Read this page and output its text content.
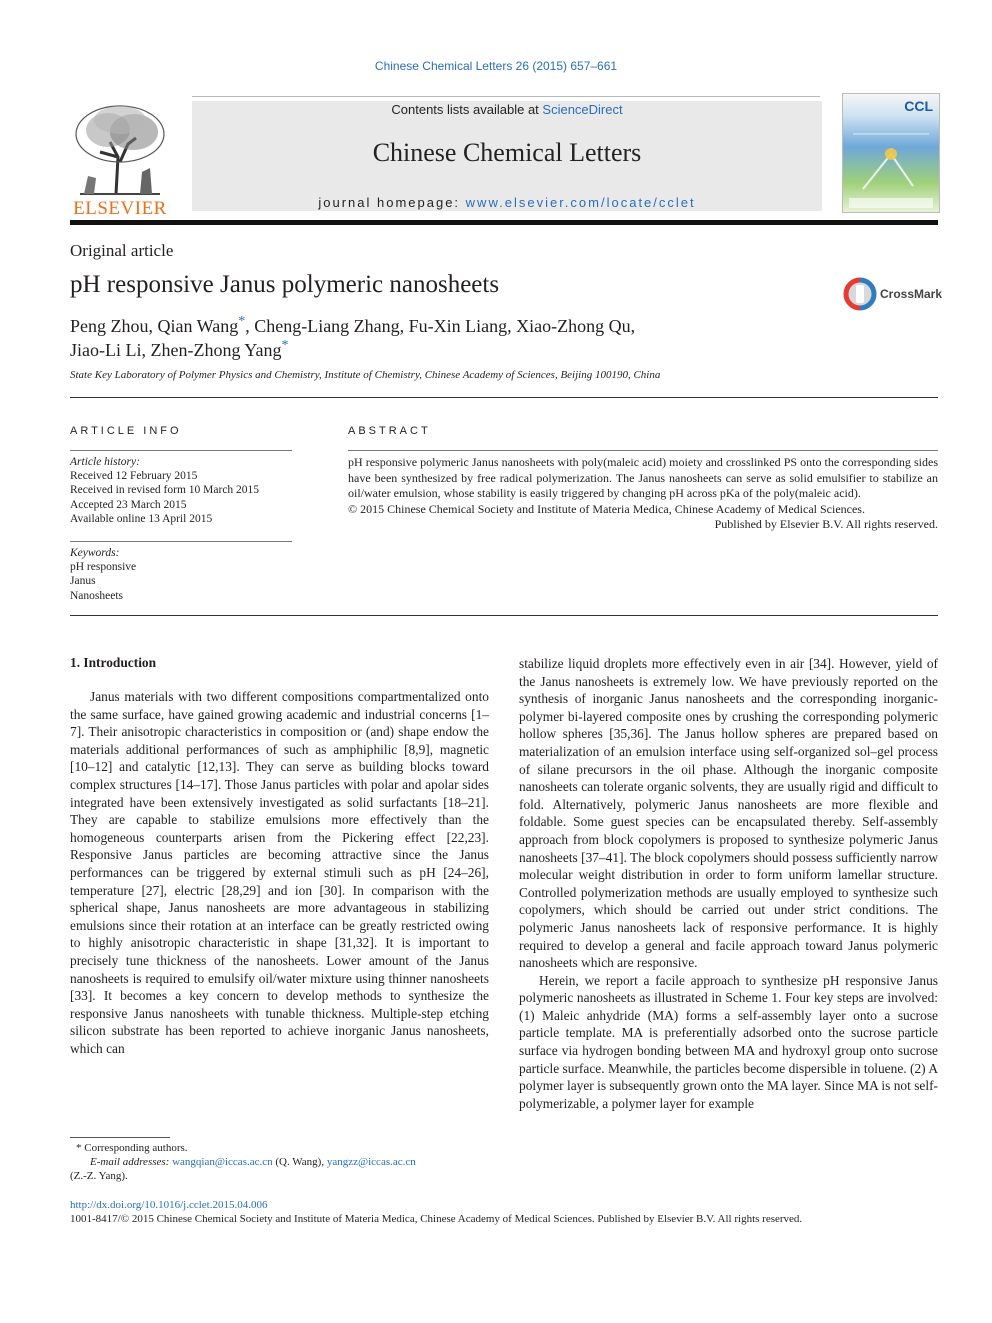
Chinese Chemical Letters 26 (2015) 657–661
ELSEVIER
Contents lists available at ScienceDirect
Chinese Chemical Letters
journal homepage: www.elsevier.com/locate/cclet
CCL
Original article
pH responsive Janus polymeric nanosheets	CrossMark
Peng Zhou, Qian Wang*, Cheng-Liang Zhang, Fu-Xin Liang, Xiao-Zhong Qu,
Jiao-Li Li, Zhen-Zhong Yang*
State Key Laboratory of Polymer Physics and Chemistry, Institute of Chemistry, Chinese Academy of Sciences, Beijing 100190, China
ARTICLE INFO
Article history:
Received 12 February 2015
Received in revised form 10 March 2015
Accepted 23 March 2015
Available online 13 April 2015
Keywords:
pH responsive
Janus
Nanosheets
ABSTRACT
pH responsive polymeric Janus nanosheets with poly(maleic acid) moiety and crosslinked PS onto the corresponding sides have been synthesized by free radical polymerization. The Janus nanosheets can serve as solid emulsifier to stabilize an oil/water emulsion, whose stability is easily triggered by changing pH across pKa of the poly(maleic acid).
© 2015 Chinese Chemical Society and Institute of Materia Medica, Chinese Academy of Medical Sciences.
Published by Elsevier B.V. All rights reserved.
1. Introduction

Janus materials with two different compositions compartmentalized onto the same surface, have gained growing academic and industrial concerns [1–7]. Their anisotropic characteristics in composition or (and) shape endow the materials additional performances of such as amphiphilic [8,9], magnetic [10–12] and catalytic [12,13]. They can serve as building blocks toward complex structures [14–17]. Those Janus particles with polar and apolar sides integrated have been extensively investigated as solid surfactants [18–21]. They are capable to stabilize emulsions more effectively than the homogeneous counterparts arisen from the Pickering effect [22,23]. Responsive Janus particles are becoming attractive since the Janus performances can be triggered by external stimuli such as pH [24–26], temperature [27], electric [28,29] and ion [30]. In comparison with the spherical shape, Janus nanosheets are more advantageous in stabilizing emulsions since their rotation at an interface can be greatly restricted owing to highly anisotropic characteristic in shape [31,32]. It is important to precisely tune thickness of the nanosheets. Lower amount of the Janus nanosheets is required to emulsify oil/water mixture using thinner nanosheets [33]. It becomes a key concern to develop methods to synthesize the responsive Janus nanosheets with tunable thickness. Multiple-step etching silicon substrate has been reported to achieve inorganic Janus nanosheets, which can

stabilize liquid droplets more effectively even in air [34]. However, yield of the Janus nanosheets is extremely low. We have previously reported on the synthesis of inorganic Janus nanosheets and the corresponding inorganic-polymer bi-layered composite ones by crushing the corresponding polymeric hollow spheres [35,36]. The Janus hollow spheres are prepared based on materialization of an emulsion interface using self-organized sol–gel process of silane precursors in the oil phase. Although the inorganic composite nanosheets can tolerate organic solvents, they are usually rigid and difficult to fold. Alternatively, polymeric Janus nanosheets are more flexible and foldable. Some guest species can be encapsulated thereby. Self-assembly approach from block copolymers is proposed to synthesize polymeric Janus nanosheets [37–41]. The block copolymers should possess sufficiently narrow molecular weight distribution in order to form uniform lamellar structure. Controlled polymerization methods are usually employed to synthesize such copolymers, which should be carried out under strict conditions. The polymeric Janus nanosheets lack of responsive performance. It is highly required to develop a general and facile approach toward Janus polymeric nanosheets which are responsive.

Herein, we report a facile approach to synthesize pH responsive Janus polymeric nanosheets as illustrated in Scheme 1. Four key steps are involved: (1) Maleic anhydride (MA) forms a self-assembly layer onto a sucrose particle template. MA is preferentially adsorbed onto the sucrose particle surface via hydrogen bonding between MA and hydroxyl group onto sucrose particle surface. Meanwhile, the particles become dispersible in toluene. (2) A polymer layer is subsequently grown onto the MA layer. Since MA is not self-polymerizable, a polymer layer for example

* Corresponding authors.
E-mail addresses: wangqian@iccas.ac.cn (Q. Wang), yangzz@iccas.ac.cn
(Z.-Z. Yang).
http://dx.doi.org/10.1016/j.cclet.2015.04.006
1001-8417/© 2015 Chinese Chemical Society and Institute of Materia Medica, Chinese Academy of Medical Sciences. Published by Elsevier B.V. All rights reserved.
